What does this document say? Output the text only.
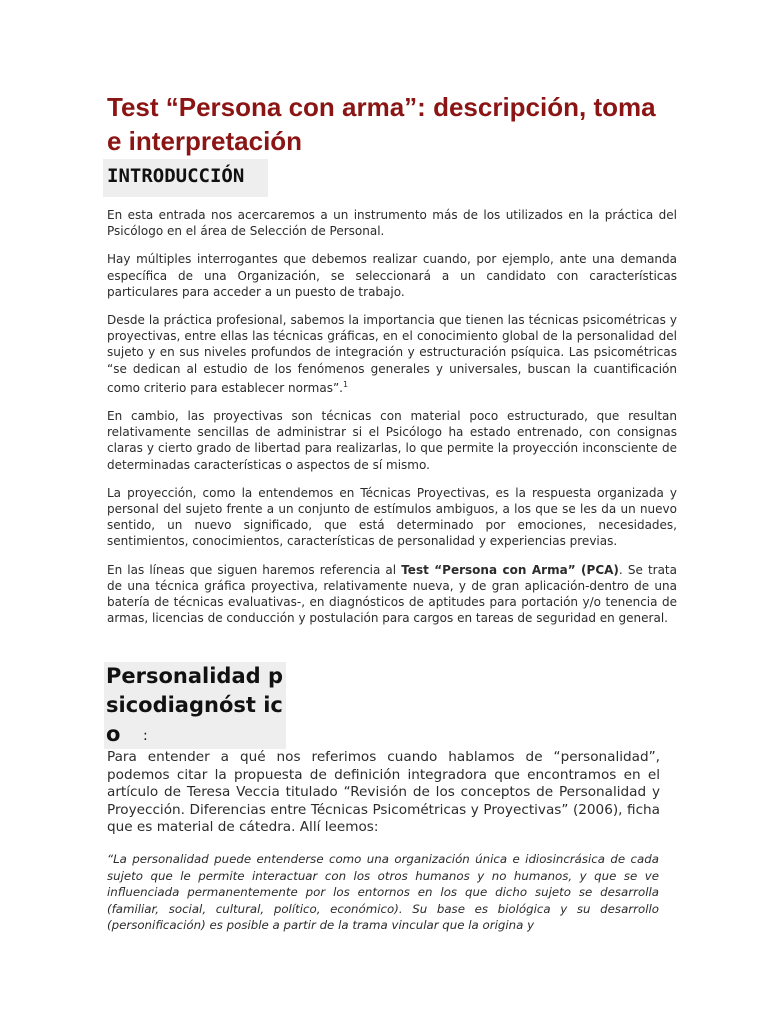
Test “Persona con arma”: descripción, toma e interpretación
INTRODUCCIÓN

En esta entrada nos acercaremos a un instrumento más de los utilizados en la práctica del Psicólogo en el área de Selección de Personal.

Hay múltiples interrogantes que debemos realizar cuando, por ejemplo, ante una demanda específica de una Organización, se seleccionará a un candidato con características particulares para acceder a un puesto de trabajo.

Desde la práctica profesional, sabemos la importancia que tienen las técnicas psicométricas y proyectivas, entre ellas las técnicas gráficas, en el conocimiento global de la personalidad del sujeto y en sus niveles profundos de integración y estructuración psíquica. Las psicométricas “se dedican al estudio de los fenómenos generales y universales, buscan la cuantificación como criterio para establecer normas”.$^1$

En cambio, las proyectivas son técnicas con material poco estructurado, que resultan relativamente sencillas de administrar si el Psicólogo ha estado entrenado, con consignas claras y cierto grado de libertad para realizarlas, lo que permite la proyección inconsciente de determinadas características o aspectos de sí mismo.

La proyección, como la entendemos en Técnicas Proyectivas, es la respuesta organizada y personal del sujeto frente a un conjunto de estímulos ambiguos, a los que se les da un nuevo sentido, un nuevo significado, que está determinado por emociones, necesidades, sentimientos, conocimientos, características de personalidad y experiencias previas.

En las líneas que siguen haremos referencia al Test “Persona con Arma” (PCA). Se trata de una técnica gráfica proyectiva, relativamente nueva, y de gran aplicación-dentro de una batería de técnicas evaluativas-, en diagnósticos de aptitudes para portación y/o tenencia de armas, licencias de conducción y postulación para cargos en tareas de seguridad en general.

Personalidad psicodiagnóst ico	:
Para entender a qué nos referimos cuando hablamos de “personalidad”, podemos citar la propuesta de definición integradora que encontramos en el artículo de Teresa Veccia titulado “Revisión de los conceptos de Personalidad y Proyección. Diferencias entre Técnicas Psicométricas y Proyectivas” (2006), ficha que es material de cátedra. Allí leemos:
“La personalidad puede entenderse como una organización única e idiosincrásica de cada sujeto que le permite interactuar con los otros humanos y no humanos, y que se ve influenciada permanentemente por los entornos en los que dicho sujeto se desarrolla (familiar, social, cultural, político, económico). Su base es biológica y su desarrollo (personificación) es posible a partir de la trama vincular que la origina y
